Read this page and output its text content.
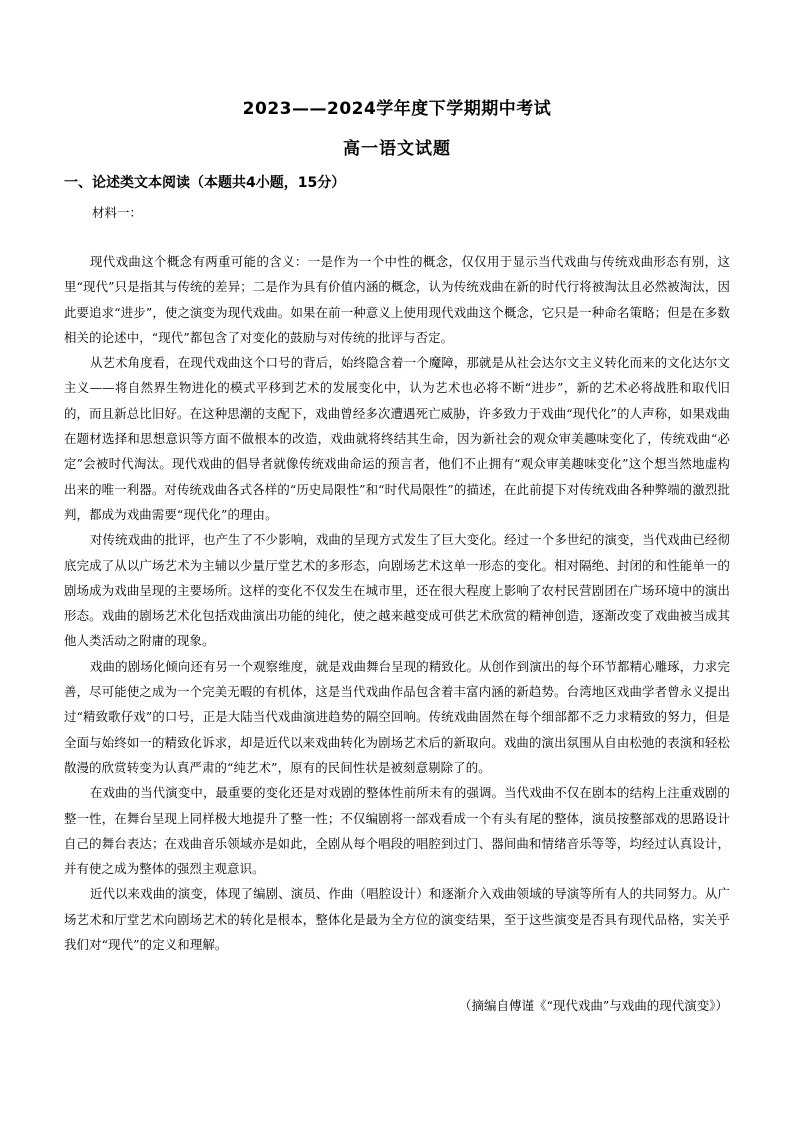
2023——2024学年度下学期期中考试
高一语文试题
一、论述类文本阅读（本题共4小题，15分）
材料一：

现代戏曲这个概念有两重可能的含义：一是作为一个中性的概念，仅仅用于显示当代戏曲与传统戏曲形态有别，这里“现代”只是指其与传统的差异；二是作为具有价值内涵的概念，认为传统戏曲在新的时代行将被淘汰且必然被淘汰，因此要追求“进步”，使之演变为现代戏曲。如果在前一种意义上使用现代戏曲这个概念，它只是一种命名策略；但是在多数相关的论述中，“现代”都包含了对变化的鼓励与对传统的批评与否定。

从艺术角度看，在现代戏曲这个口号的背后，始终隐含着一个魔障，那就是从社会达尔文主义转化而来的文化达尔文主义——将自然界生物进化的模式平移到艺术的发展变化中，认为艺术也必将不断“进步”，新的艺术必将战胜和取代旧的，而且新总比旧好。在这种思潮的支配下，戏曲曾经多次遭遇死亡威胁，许多致力于戏曲“现代化”的人声称，如果戏曲在题材选择和思想意识等方面不做根本的改造，戏曲就将终结其生命，因为新社会的观众审美趣味变化了，传统戏曲“必定”会被时代淘汰。现代戏曲的倡导者就像传统戏曲命运的预言者，他们不止拥有“观众审美趣味变化”这个想当然地虚构出来的唯一利器。对传统戏曲各式各样的“历史局限性”和“时代局限性”的描述，在此前提下对传统戏曲各种弊端的激烈批判，都成为戏曲需要“现代化”的理由。

对传统戏曲的批评，也产生了不少影响，戏曲的呈现方式发生了巨大变化。经过一个多世纪的演变，当代戏曲已经彻底完成了从以广场艺术为主辅以少量厅堂艺术的多形态，向剧场艺术这单一形态的变化。相对隔绝、封闭的和性能单一的剧场成为戏曲呈现的主要场所。这样的变化不仅发生在城市里，还在很大程度上影响了农村民营剧团在广场环境中的演出形态。戏曲的剧场艺术化包括戏曲演出功能的纯化，使之越来越变成可供艺术欣赏的精神创造，逐渐改变了戏曲被当成其他人类活动之附庸的现象。

戏曲的剧场化倾向还有另一个观察维度，就是戏曲舞台呈现的精致化。从创作到演出的每个环节都精心雕琢，力求完善，尽可能使之成为一个完美无暇的有机体，这是当代戏曲作品包含着丰富内涵的新趋势。台湾地区戏曲学者曾永义提出过“精致歌仔戏”的口号，正是大陆当代戏曲演进趋势的隔空回响。传统戏曲固然在每个细部都不乏力求精致的努力，但是全面与始终如一的精致化诉求，却是近代以来戏曲转化为剧场艺术后的新取向。戏曲的演出氛围从自由松弛的表演和轻松散漫的欣赏转变为认真严肃的“纯艺术”，原有的民间性状是被刻意剔除了的。

在戏曲的当代演变中，最重要的变化还是对戏剧的整体性前所未有的强调。当代戏曲不仅在剧本的结构上注重戏剧的整一性，在舞台呈现上同样极大地提升了整一性；不仅编剧将一部戏看成一个有头有尾的整体，演员按整部戏的思路设计自己的舞台表达；在戏曲音乐领域亦是如此，全剧从每个唱段的唱腔到过门、器间曲和情绪音乐等等，均经过认真设计，并有使之成为整体的强烈主观意识。

近代以来戏曲的演变，体现了编剧、演员、作曲（唱腔设计）和逐渐介入戏曲领域的导演等所有人的共同努力。从广场艺术和厅堂艺术向剧场艺术的转化是根本，整体化是最为全方位的演变结果，至于这些演变是否具有现代品格，实关乎我们对“现代”的定义和理解。

（摘编自傅谨《“现代戏曲”与戏曲的现代演变》）
